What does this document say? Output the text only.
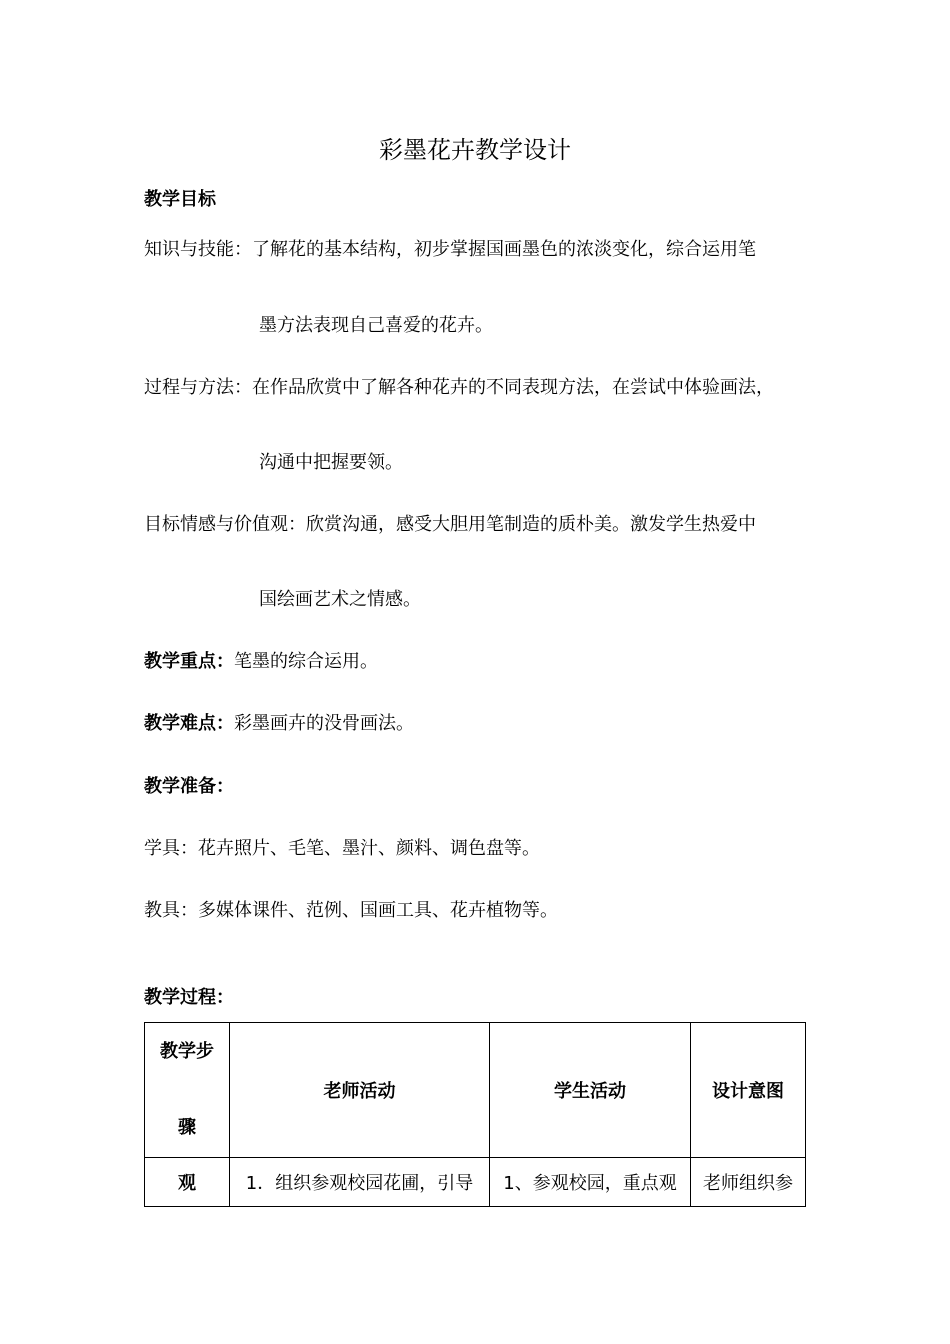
彩墨花卉教学设计
教学目标
知识与技能：了解花的基本结构，初步掌握国画墨色的浓淡变化，综合运用笔
墨方法表现自己喜爱的花卉。
过程与方法：在作品欣赏中了解各种花卉的不同表现方法，在尝试中体验画法，
沟通中把握要领。
目标情感与价值观：欣赏沟通，感受大胆用笔制造的质朴美。激发学生热爱中
国绘画艺术之情感。
教学重点：笔墨的综合运用。
教学难点：彩墨画卉的没骨画法。
教学准备：
学具：花卉照片、毛笔、墨汁、颜料、调色盘等。
教具：多媒体课件、范例、国画工具、花卉植物等。
教学过程：
教学步
骤	老师活动	学生活动	设计意图
观	1．组织参观校园花圃，引导	1、参观校园，重点观	老师组织参
